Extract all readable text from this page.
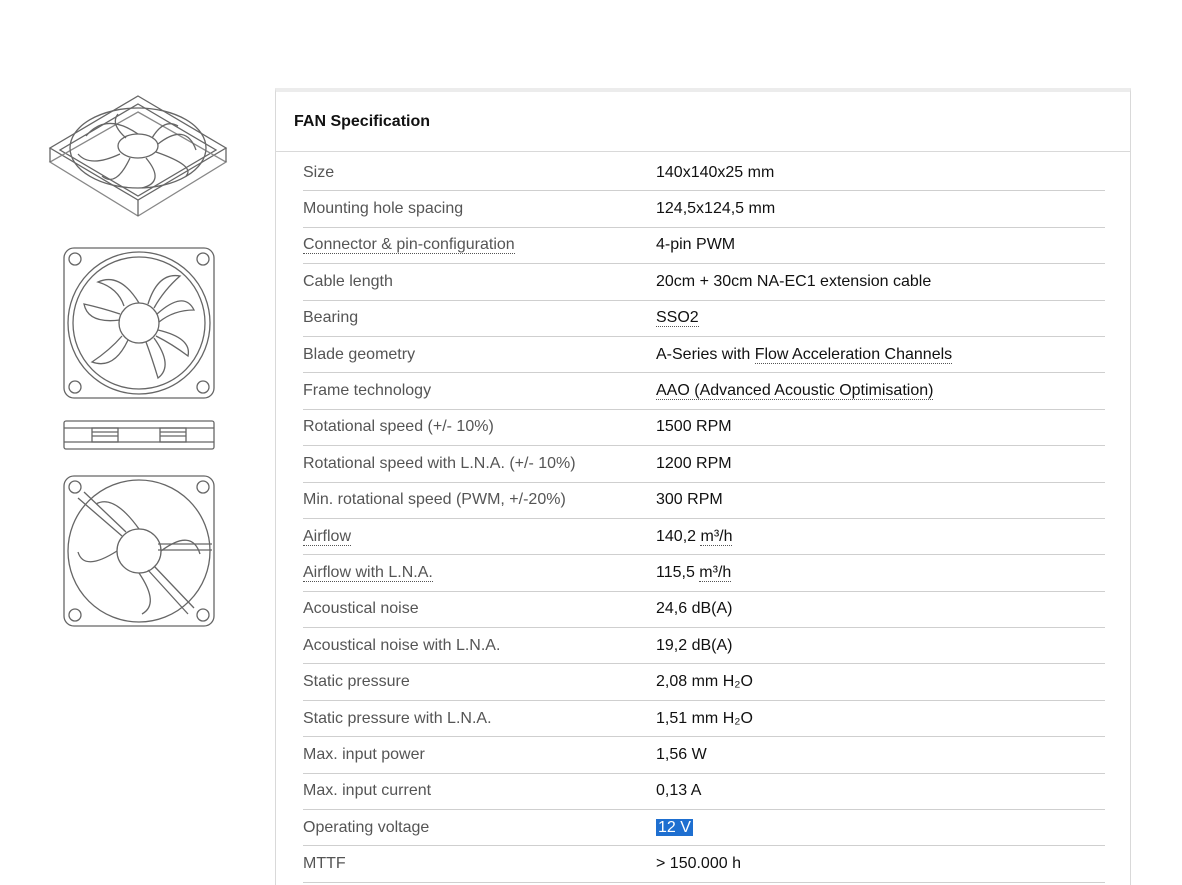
FAN Specification
Size	140x140x25 mm
Mounting hole spacing	124,5x124,5 mm
Connector & pin-configuration	4-pin PWM
Cable length	20cm + 30cm NA-EC1 extension cable
Bearing	SSO2
Blade geometry	A-Series with Flow Acceleration Channels
Frame technology	AAO (Advanced Acoustic Optimisation)
Rotational speed (+/- 10%)	1500 RPM
Rotational speed with L.N.A. (+/- 10%)	1200 RPM
Min. rotational speed (PWM, +/-20%)	300 RPM
Airflow	140,2 m³/h
Airflow with L.N.A.	115,5 m³/h
Acoustical noise	24,6 dB(A)
Acoustical noise with L.N.A.	19,2 dB(A)
Static pressure	2,08 mm H₂O
Static pressure with L.N.A.	1,51 mm H₂O
Max. input power	1,56 W
Max. input current	0,13 A
Operating voltage	12 V
MTTF	> 150.000 h
